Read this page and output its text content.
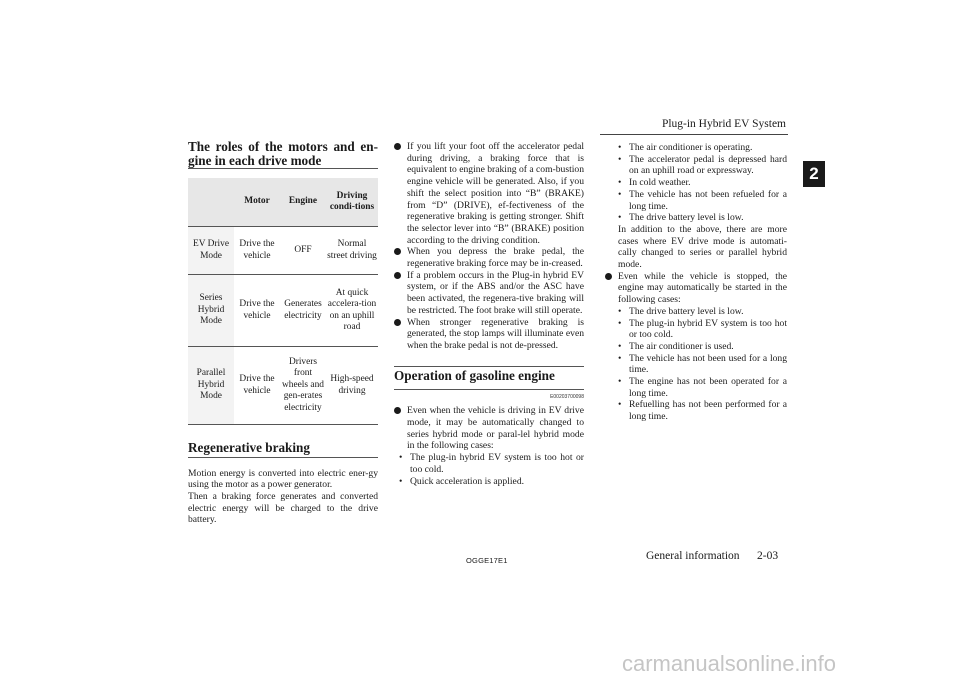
Plug-in Hybrid EV System
2
The roles of the motors and en-
gine in each drive mode
	Motor	Engine	Driving condi-tions
EV Drive Mode	Drive the vehicle	OFF	Normal street driving
Series Hybrid Mode	Drive the vehicle	Generates electricity	At quick accelera-tion on an uphill road
Parallel Hybrid Mode	Drive the vehicle	Drivers front wheels and gen-erates electricity	High-speed driving
Regenerative braking
Motion energy is converted into electric ener-gy using the motor as a power generator.
Then a braking force generates and converted electric energy will be charged to the drive battery.
If you lift your foot off the accelerator pedal during driving, a braking force that is equivalent to engine braking of a com-bustion engine vehicle will be generated. Also, if you shift the select position into “B” (BRAKE) from “D” (DRIVE), ef-fectiveness of the regenerative braking is getting stronger. Shift the selector lever into “B” (BRAKE) position according to the driving condition.
When you depress the brake pedal, the regenerative braking force may be in-creased.
If a problem occurs in the Plug-in hybrid EV system, or if the ABS and/or the ASC have been activated, the regenera-tive braking will be restricted. The foot brake will still operate.
When stronger regenerative braking is generated, the stop lamps will illuminate even when the brake pedal is not de-pressed.
Operation of gasoline engine
E00203700098
Even when the vehicle is driving in EV drive mode, it may be automatically changed to series hybrid mode or paral-lel hybrid mode in the following cases:
• The plug-in hybrid EV system is too hot or too cold.
• Quick acceleration is applied.
• The air conditioner is operating.
• The accelerator pedal is depressed hard on an uphill road or expressway.
• In cold weather.
• The vehicle has not been refueled for a long time.
• The drive battery level is low.
In addition to the above, there are more cases where EV drive mode is automati-cally changed to series or parallel hybrid mode.
Even while the vehicle is stopped, the engine may automatically be started in the following cases:
• The drive battery level is low.
• The plug-in hybrid EV system is too hot or too cold.
• The air conditioner is used.
• The vehicle has not been used for a long time.
• The engine has not been operated for a long time.
• Refuelling has not been performed for a long time.
OGGE17E1	General information 2-03
carmanualsonline.info
